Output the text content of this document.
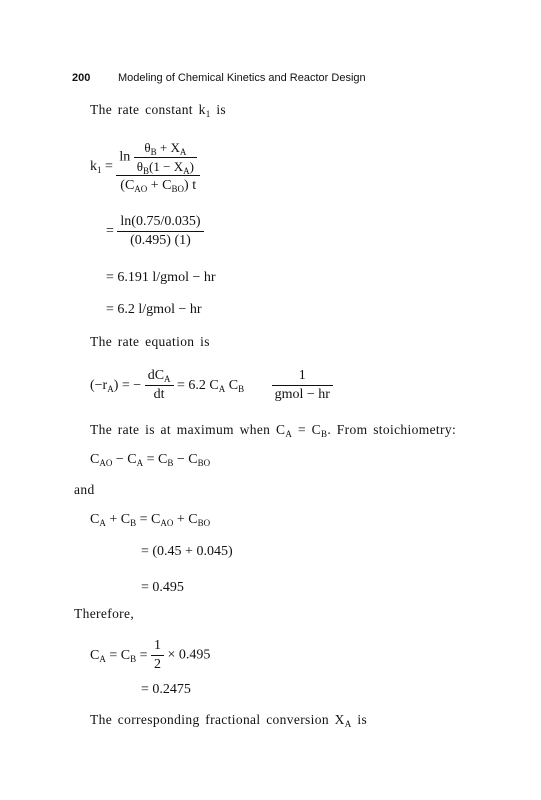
200	Modeling of Chemical Kinetics and Reactor Design
The rate constant $k_1$ is
$k_1 = \frac{\ln \frac{\theta_B + X_A}{\theta_B(1 - X_A)}}{(C_{AO} + C_{BO}) t}$
= $\frac{\ln(0.75/0.035)}{(0.495) (1)}$
= 6.191 l/gmol − hr
= 6.2 l/gmol − hr
The rate equation is
$(-r_A)$ = − $\frac{dC_A}{dt} = 6.2$ $C_A$ $C_B \frac{1}{\text{gmol − hr}}$
The rate is at maximum when $C_A = C_B$. From stoichiometry:
$C_{AO} - C_A = C_B - C_{BO}$
and
$C_A + C_B = C_{AO} + C_{BO}$
= (0.45 + 0.045)
= 0.495
Therefore,
$C_A = C_B = \frac{1}{2} \times 0.495$
= 0.2475
The corresponding fractional conversion $X_A$ is
